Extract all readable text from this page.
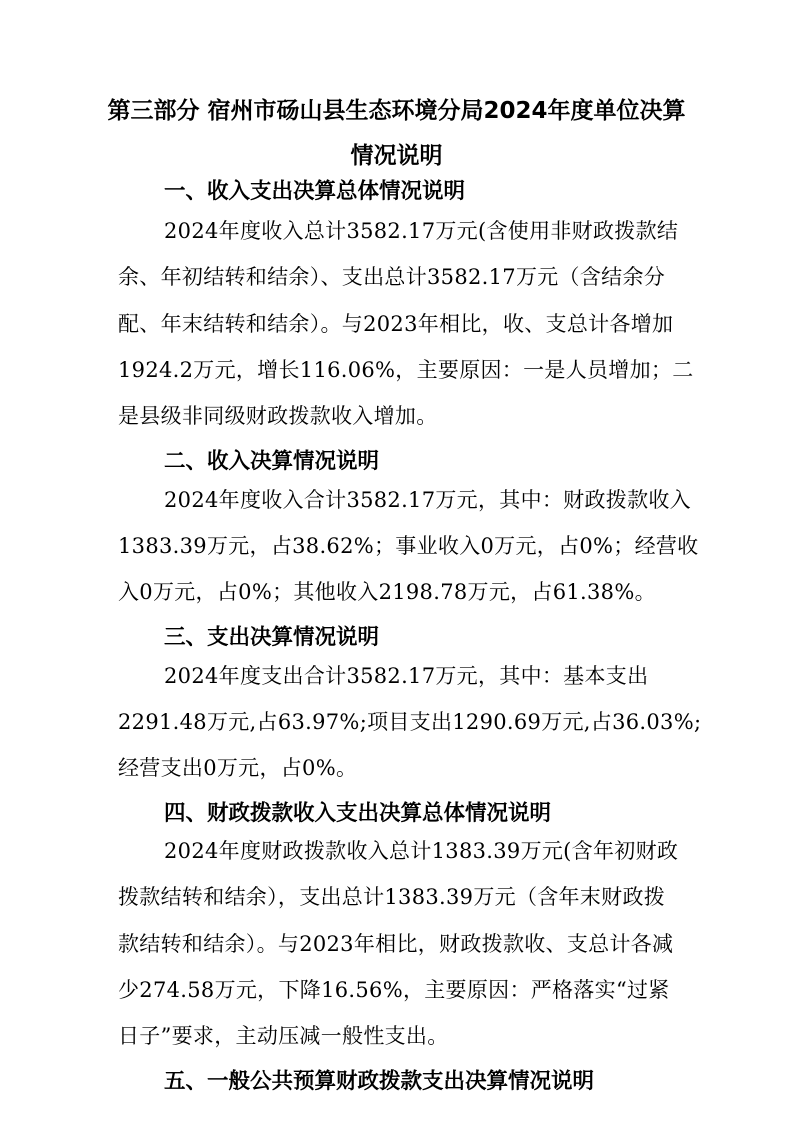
第三部分 宿州市砀山县生态环境分局2024年度单位决算
情况说明
一、收入支出决算总体情况说明
2024年度收入总计3582.17万元(含使用非财政拨款结
余、年初结转和结余）、支出总计3582.17万元（含结余分
配、年末结转和结余）。与2023年相比，收、支总计各增加
1924.2万元，增长116.06%，主要原因：一是人员增加；二
是县级非同级财政拨款收入增加。
二、收入决算情况说明
2024年度收入合计3582.17万元，其中：财政拨款收入
1383.39万元，占38.62%；事业收入0万元，占0%；经营收
入0万元，占0%；其他收入2198.78万元，占61.38%。
三、支出决算情况说明
2024年度支出合计3582.17万元，其中：基本支出
2291.48万元,占63.97%;项目支出1290.69万元,占36.03%;
经营支出0万元，占0%。
四、财政拨款收入支出决算总体情况说明
2024年度财政拨款收入总计1383.39万元(含年初财政
拨款结转和结余），支出总计1383.39万元（含年末财政拨
款结转和结余）。与2023年相比，财政拨款收、支总计各减
少274.58万元，下降16.56%，主要原因：严格落实“过紧
日子”要求，主动压减一般性支出。
五、一般公共预算财政拨款支出决算情况说明
